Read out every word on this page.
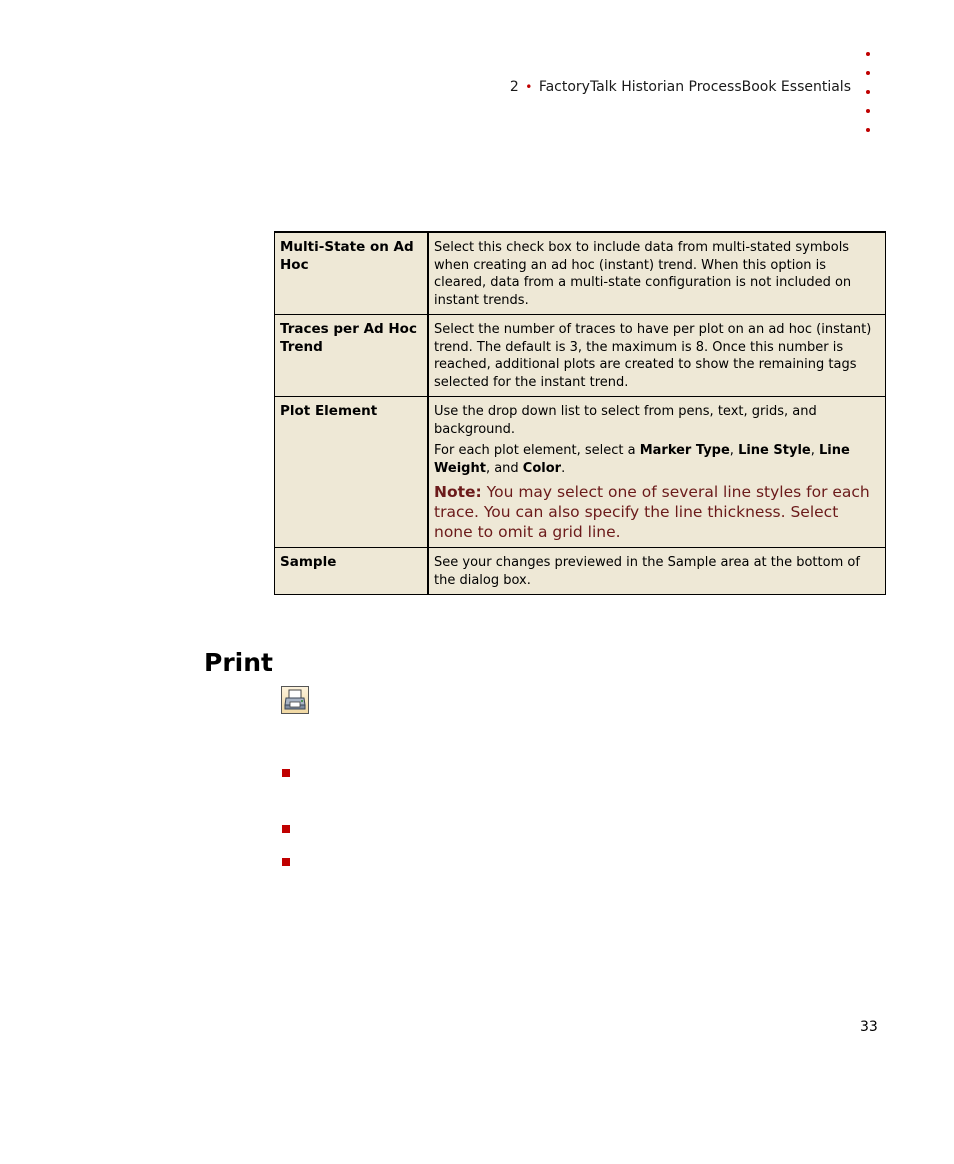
2 • FactoryTalk Historian ProcessBook Essentials
Multi-State on Ad Hoc	Select this check box to include data from multi-stated symbols when creating an ad hoc (instant) trend. When this option is cleared, data from a multi-state configuration is not included on instant trends.

Traces per Ad Hoc Trend	Select the number of traces to have per plot on an ad hoc (instant) trend. The default is 3, the maximum is 8. Once this number is reached, additional plots are created to show the remaining tags selected for the instant trend.

Plot Element	Use the drop down list to select from pens, text, grids, and background.

For each plot element, select a Marker Type, Line Style, Line Weight, and Color.

Note: You may select one of several line styles for each trace. You can also specify the line thickness. Select none to omit a grid line.

Sample	See your changes previewed in the Sample area at the bottom of the dialog box.

Print
33
